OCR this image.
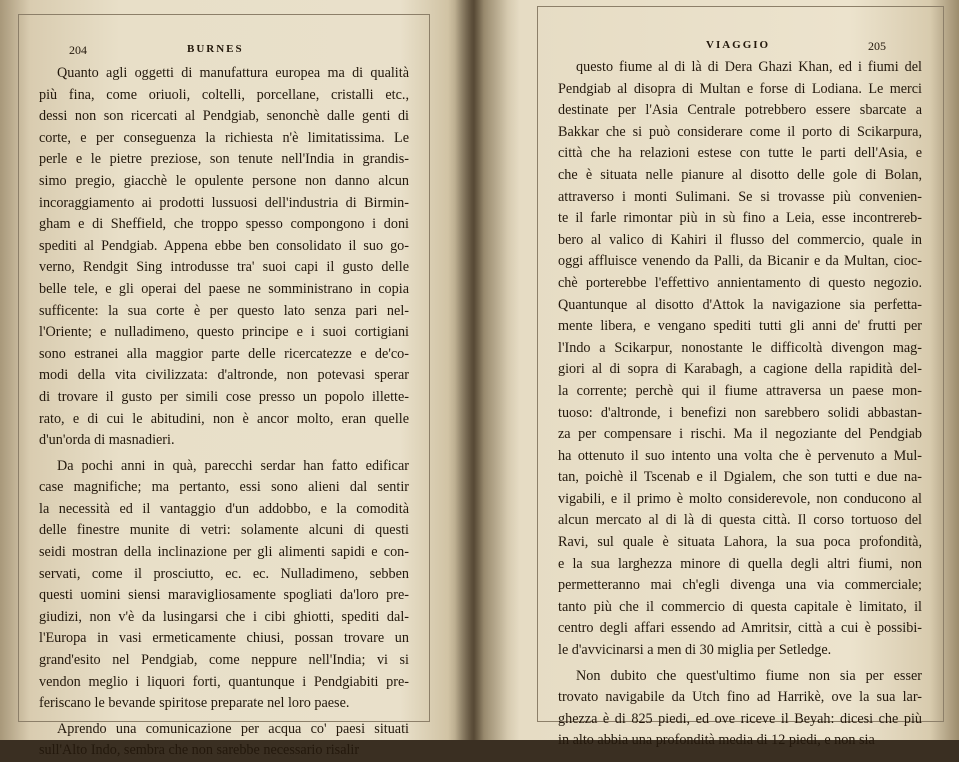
204	BURNES

Quanto agli oggetti di manufattura europea ma di qualità
più fina, come oriuoli, coltelli, porcellane, cristalli etc.,
dessi non son ricercati al Pendgiab, senonchè dalle genti di
corte, e per conseguenza la richiesta n'è limitatissima. Le
perle e le pietre preziose, son tenute nell'India in grandis-
simo pregio, giacchè le opulente persone non danno alcun
incoraggiamento ai prodotti lussuosi dell'industria di Birmin-
gham e di Sheffield, che troppo spesso compongono i doni
spediti al Pendgiab. Appena ebbe ben consolidato il suo go-
verno, Rendgit Sing introdusse tra' suoi capi il gusto delle
belle tele, e gli operai del paese ne somministrano in copia
sufficente: la sua corte è per questo lato senza pari nel-
l'Oriente; e nulladimeno, questo principe e i suoi cortigiani
sono estranei alla maggior parte delle ricercatezze e de'co-
modi della vita civilizzata: d'altronde, non potevasi sperar
di trovare il gusto per simili cose presso un popolo illette-
rato, e di cui le abitudini, non è ancor molto, eran quelle
d'un'orda di masnadieri.

Da pochi anni in quà, parecchi serdar han fatto edificar
case magnifiche; ma pertanto, essi sono alieni dal sentir
la necessità ed il vantaggio d'un addobbo, e la comodità
delle finestre munite di vetri: solamente alcuni di questi
seidi mostran della inclinazione per gli alimenti sapidi e con-
servati, come il prosciutto, ec. ec. Nulladimeno, sebben
questi uomini siensi maravigliosamente spogliati da'loro pre-
giudizi, non v'è da lusingarsi che i cibi ghiotti, spediti dal-
l'Europa in vasi ermeticamente chiusi, possan trovare un
grand'esito nel Pendgiab, come neppure nell'India; vi si
vendon meglio i liquori forti, quantunque i Pendgiabiti pre-
feriscano le bevande spiritose preparate nel loro paese.

Aprendo una comunicazione per acqua co' paesi situati
sull'Alto Indo, sembra che non sarebbe necessario risalir

VIAGGIO	205

questo fiume al di là di Dera Ghazi Khan, ed i fiumi del
Pendgiab al disopra di Multan e forse di Lodiana. Le merci
destinate per l'Asia Centrale potrebbero essere sbarcate a
Bakkar che si può considerare come il porto di Scikarpura,
città che ha relazioni estese con tutte le parti dell'Asia, e
che è situata nelle pianure al disotto delle gole di Bolan,
attraverso i monti Sulimani. Se si trovasse più convenien-
te il farle rimontar più in sù fino a Leia, esse incontrereb-
bero al valico di Kahiri il flusso del commercio, quale in
oggi affluisce venendo da Palli, da Bicanir e da Multan, cioc-
chè porterebbe l'effettivo annientamento di questo negozio.
Quantunque al disotto d'Attok la navigazione sia perfetta-
mente libera, e vengano spediti tutti gli anni de' frutti per
l'Indo a Scikarpur, nonostante le difficoltà divengon mag-
giori al di sopra di Karabagh, a cagione della rapidità del-
la corrente; perchè qui il fiume attraversa un paese mon-
tuoso: d'altronde, i benefizi non sarebbero solidi abbastan-
za per compensare i rischi. Ma il negoziante del Pendgiab
ha ottenuto il suo intento una volta che è pervenuto a Mul-
tan, poichè il Tscenab e il Dgialem, che son tutti e due na-
vigabili, e il primo è molto considerevole, non conducono al
alcun mercato al di là di questa città. Il corso tortuoso del
Ravi, sul quale è situata Lahora, la sua poca profondità,
e la sua larghezza minore di quella degli altri fiumi, non
permetteranno mai ch'egli divenga una via commerciale;
tanto più che il commercio di questa capitale è limitato, il
centro degli affari essendo ad Amritsir, città a cui è possibi-
le d'avvicinarsi a men di 30 miglia per Setledge.

Non dubito che quest'ultimo fiume non sia per esser
trovato navigabile da Utch fino ad Harrikè, ove la sua lar-
ghezza è di 825 piedi, ed ove riceve il Beyah: dicesi che più
in alto abbia una profondità media di 12 piedi, e non sia
